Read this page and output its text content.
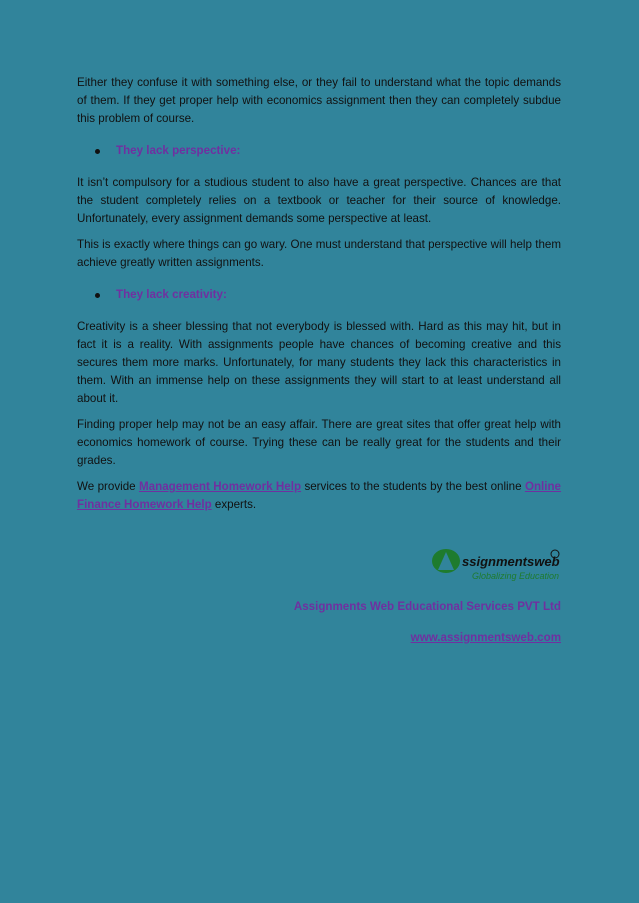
Either they confuse it with something else, or they fail to understand what the topic demands of them. If they get proper help with economics assignment then they can completely subdue this problem of course.

They lack perspective:

It isn’t compulsory for a studious student to also have a great perspective. Chances are that the student completely relies on a textbook or teacher for their source of knowledge. Unfortunately, every assignment demands some perspective at least.

This is exactly where things can go wary. One must understand that perspective will help them achieve greatly written assignments.

They lack creativity:

Creativity is a sheer blessing that not everybody is blessed with. Hard as this may hit, but in fact it is a reality. With assignments people have chances of becoming creative and this secures them more marks. Unfortunately, for many students they lack this characteristics in them. With an immense help on these assignments they will start to at least understand all about it.

Finding proper help may not be an easy affair. There are great sites that offer great help with economics homework of course. Trying these can be really great for the students and their grades.

We provide Management Homework Help services to the students by the best online Online Finance Homework Help experts.

ssignmentsweb
Globalizing Education
Assignments Web Educational Services PVT Ltd
www.assignmentsweb.com
